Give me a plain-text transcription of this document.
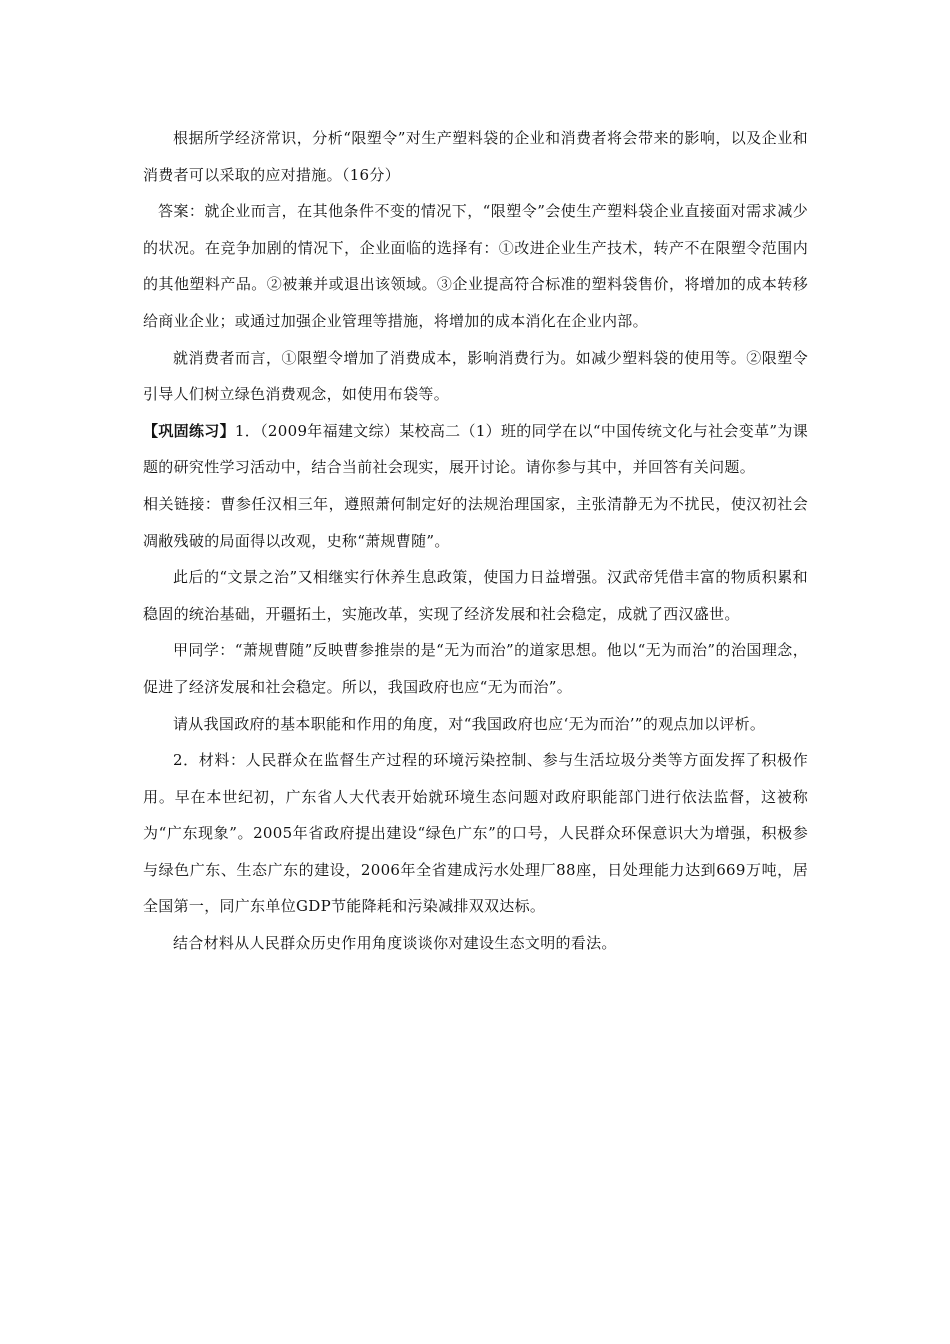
根据所学经济常识，分析“限塑令”对生产塑料袋的企业和消费者将会带来的影响，以及企业和消费者可以采取的应对措施。（16分）

答案：就企业而言，在其他条件不变的情况下，“限塑令”会使生产塑料袋企业直接面对需求减少的状况。在竞争加剧的情况下，企业面临的选择有：①改进企业生产技术，转产不在限塑令范围内的其他塑料产品。②被兼并或退出该领域。③企业提高符合标准的塑料袋售价，将增加的成本转移给商业企业；或通过加强企业管理等措施，将增加的成本消化在企业内部。

就消费者而言，①限塑令增加了消费成本，影响消费行为。如减少塑料袋的使用等。②限塑令引导人们树立绿色消费观念，如使用布袋等。

【巩固练习】1．（2009年福建文综）某校高二（1）班的同学在以“中国传统文化与社会变革”为课题的研究性学习活动中，结合当前社会现实，展开讨论。请你参与其中，并回答有关问题。

相关链接：曹参任汉相三年，遵照萧何制定好的法规治理国家，主张清静无为不扰民，使汉初社会凋敝残破的局面得以改观，史称“萧规曹随”。

此后的“文景之治”又相继实行休养生息政策，使国力日益增强。汉武帝凭借丰富的物质积累和稳固的统治基础，开疆拓土，实施改革，实现了经济发展和社会稳定，成就了西汉盛世。

甲同学：“萧规曹随”反映曹参推崇的是“无为而治”的道家思想。他以“无为而治”的治国理念，促进了经济发展和社会稳定。所以，我国政府也应“无为而治”。

请从我国政府的基本职能和作用的角度，对“我国政府也应‘无为而治’”的观点加以评析。

2．材料：人民群众在监督生产过程的环境污染控制、参与生活垃圾分类等方面发挥了积极作用。早在本世纪初，广东省人大代表开始就环境生态问题对政府职能部门进行依法监督，这被称为“广东现象”。2005年省政府提出建设“绿色广东”的口号，人民群众环保意识大为增强，积极参与绿色广东、生态广东的建设，2006年全省建成污水处理厂88座，日处理能力达到669万吨，居全国第一，同广东单位GDP节能降耗和污染减排双双达标。

结合材料从人民群众历史作用角度谈谈你对建设生态文明的看法。
